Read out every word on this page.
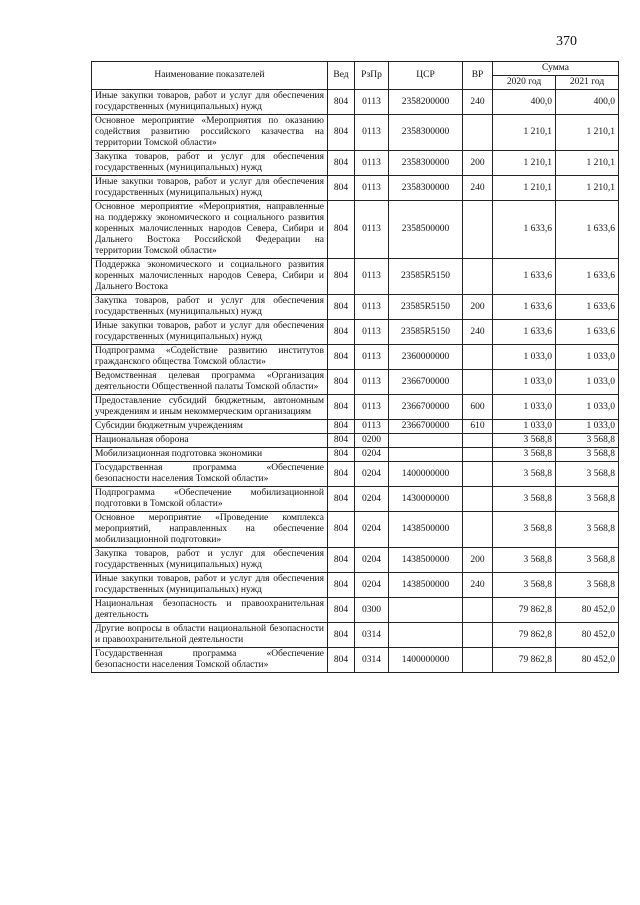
370
Наименование показателей	Вед	РзПр	ЦСР	ВР	Сумма	
					2020 год	2021 год
Иные закупки товаров, работ и услуг для обеспечения государственных (муниципальных) нужд	804	0113	2358200000	240	400,0	400,0
Основное мероприятие «Мероприятия по оказанию содействия развитию российского казачества на территории Томской области»	804	0113	2358300000		1 210,1	1 210,1
Закупка товаров, работ и услуг для обеспечения государственных (муниципальных) нужд	804	0113	2358300000	200	1 210,1	1 210,1
Иные закупки товаров, работ и услуг для обеспечения государственных (муниципальных) нужд	804	0113	2358300000	240	1 210,1	1 210,1
Основное мероприятие «Мероприятия, направленные на поддержку экономического и социального развития коренных малочисленных народов Севера, Сибири и Дальнего Востока Российской Федерации на территории Томской области»	804	0113	2358500000		1 633,6	1 633,6
Поддержка экономического и социального развития коренных малочисленных народов Севера, Сибири и Дальнего Востока	804	0113	23585R5150		1 633,6	1 633,6
Закупка товаров, работ и услуг для обеспечения государственных (муниципальных) нужд	804	0113	23585R5150	200	1 633,6	1 633,6
Иные закупки товаров, работ и услуг для обеспечения государственных (муниципальных) нужд	804	0113	23585R5150	240	1 633,6	1 633,6
Подпрограмма «Содействие развитию институтов гражданского общества Томской области»	804	0113	2360000000		1 033,0	1 033,0
Ведомственная целевая программа «Организация деятельности Общественной палаты Томской области»	804	0113	2366700000		1 033,0	1 033,0
Предоставление субсидий бюджетным, автономным учреждениям и иным некоммерческим организациям	804	0113	2366700000	600	1 033,0	1 033,0
Субсидии бюджетным учреждениям	804	0113	2366700000	610	1 033,0	1 033,0
Национальная оборона	804	0200			3 568,8	3 568,8
Мобилизационная подготовка экономики	804	0204			3 568,8	3 568,8
Государственная программа «Обеспечение безопасности населения Томской области»	804	0204	1400000000		3 568,8	3 568,8
Подпрограмма «Обеспечение мобилизационной подготовки в Томской области»	804	0204	1430000000		3 568,8	3 568,8
Основное мероприятие «Проведение комплекса мероприятий, направленных на обеспечение мобилизационной подготовки»	804	0204	1438500000		3 568,8	3 568,8
Закупка товаров, работ и услуг для обеспечения государственных (муниципальных) нужд	804	0204	1438500000	200	3 568,8	3 568,8
Иные закупки товаров, работ и услуг для обеспечения государственных (муниципальных) нужд	804	0204	1438500000	240	3 568,8	3 568,8
Национальная безопасность и правоохранительная деятельность	804	0300			79 862,8	80 452,0
Другие вопросы в области национальной безопасности и правоохранительной деятельности	804	0314			79 862,8	80 452,0
Государственная программа «Обеспечение безопасности населения Томской области»	804	0314	1400000000		79 862,8	80 452,0
